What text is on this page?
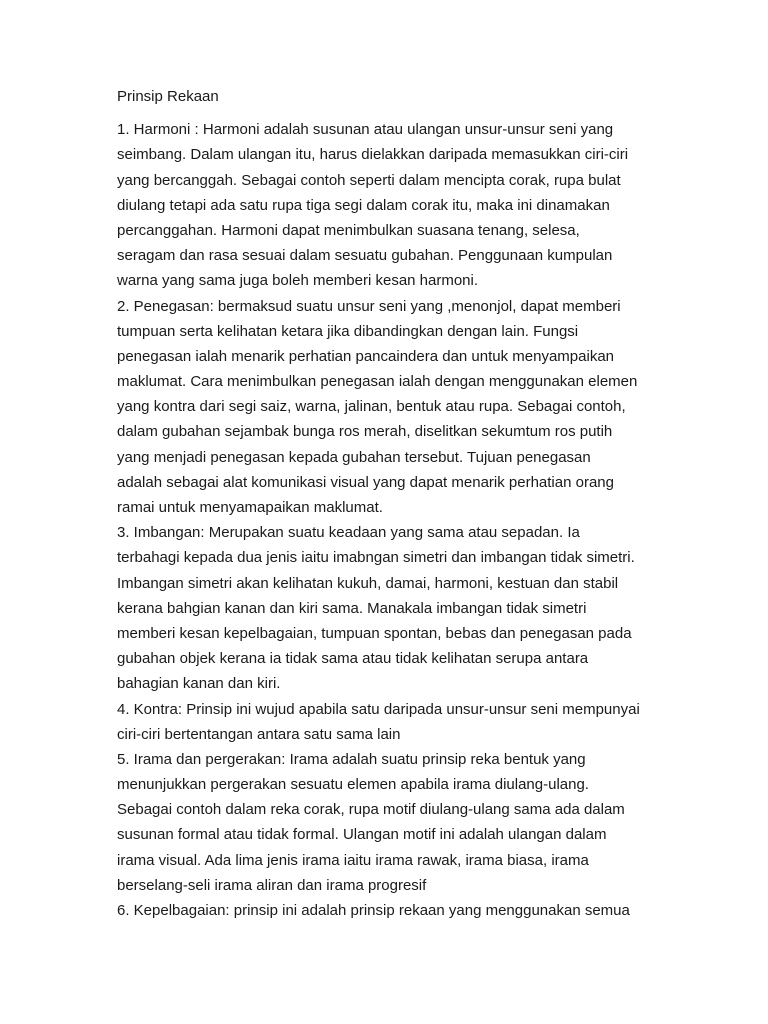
Prinsip Rekaan
1. Harmoni : Harmoni adalah susunan atau ulangan unsur-unsur seni yang
seimbang. Dalam ulangan itu, harus dielakkan daripada memasukkan ciri-ciri
yang bercanggah. Sebagai contoh seperti dalam mencipta corak, rupa bulat
diulang tetapi ada satu rupa tiga segi dalam corak itu, maka ini dinamakan
percanggahan. Harmoni dapat menimbulkan suasana tenang, selesa,
seragam dan rasa sesuai dalam sesuatu gubahan. Penggunaan kumpulan
warna yang sama juga boleh memberi kesan harmoni.
2. Penegasan: bermaksud suatu unsur seni yang ,menonjol, dapat memberi
tumpuan serta kelihatan ketara jika dibandingkan dengan lain. Fungsi
penegasan ialah menarik perhatian pancaindera dan untuk menyampaikan
maklumat. Cara menimbulkan penegasan ialah dengan menggunakan elemen
yang kontra dari segi saiz, warna, jalinan, bentuk atau rupa. Sebagai contoh,
dalam gubahan sejambak bunga ros merah, diselitkan sekumtum ros putih
yang menjadi penegasan kepada gubahan tersebut. Tujuan penegasan
adalah sebagai alat komunikasi visual yang dapat menarik perhatian orang
ramai untuk menyamapaikan maklumat.
3. Imbangan: Merupakan suatu keadaan yang sama atau sepadan. Ia
terbahagi kepada dua jenis iaitu imabngan simetri dan imbangan tidak simetri.
Imbangan simetri akan kelihatan kukuh, damai, harmoni, kestuan dan stabil
kerana bahgian kanan dan kiri sama. Manakala imbangan tidak simetri
memberi kesan kepelbagaian, tumpuan spontan, bebas dan penegasan pada
gubahan objek kerana ia tidak sama atau tidak kelihatan serupa antara
bahagian kanan dan kiri.
4. Kontra: Prinsip ini wujud apabila satu daripada unsur-unsur seni mempunyai
ciri-ciri bertentangan antara satu sama lain
5. Irama dan pergerakan: Irama adalah suatu prinsip reka bentuk yang
menunjukkan pergerakan sesuatu elemen apabila irama diulang-ulang.
Sebagai contoh dalam reka corak, rupa motif diulang-ulang sama ada dalam
susunan formal atau tidak formal. Ulangan motif ini adalah ulangan dalam
irama visual. Ada lima jenis irama iaitu irama rawak, irama biasa, irama
berselang-seli irama aliran dan irama progresif
6. Kepelbagaian: prinsip ini adalah prinsip rekaan yang menggunakan semua
